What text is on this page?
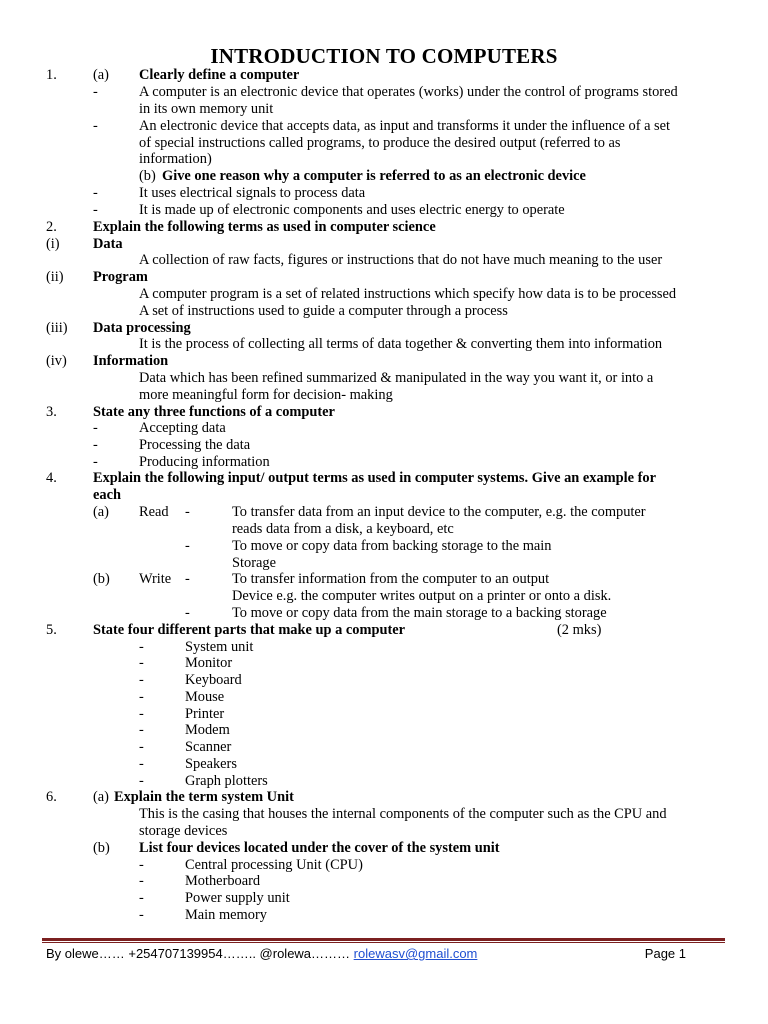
INTRODUCTION TO COMPUTERS
1.	(a) Clearly define a computer
-	A computer is an electronic device that operates (works) under the control of programs stored
in its own memory unit
-	An electronic device that accepts data, as input and transforms it under the influence of a set
of special instructions called programs, to produce the desired output (referred to as
information)
(b) Give one reason why a computer is referred to as an electronic device
-	It uses electrical signals to process data
-	It is made up of electronic components and uses electric energy to operate
2.	Explain the following terms as used in computer science
(i) Data
A collection of raw facts, figures or instructions that do not have much meaning to the user
(ii) Program
A computer program is a set of related instructions which specify how data is to be processed
A set of instructions used to guide a computer through a process
(iii) Data processing
It is the process of collecting all terms of data together & converting them into information
(iv) Information
Data which has been refined summarized & manipulated in the way you want it, or into a
more meaningful form for decision- making
3.	State any three functions of a computer
-	Accepting data
-	Processing the data
-	Producing information
4.	Explain the following input/ output terms as used in computer systems. Give an example for
each
(a) Read -	To transfer data from an input device to the computer, e.g. the computer
reads data from a disk, a keyboard, etc
-	To move or copy data from backing storage to the main
Storage
(b) Write -	To transfer information from the computer to an output
Device e.g. the computer writes output on a printer or onto a disk.
-	To move or copy data from the main storage to a backing storage
5.	State four different parts that make up a computer	(2 mks)
-	System unit
-	Monitor
-	Keyboard
-	Mouse
-	Printer
-	Modem
-	Scanner
-	Speakers
-	Graph plotters
6.	(a) Explain the term system Unit
This is the casing that houses the internal components of the computer such as the CPU and
storage devices
(b) List four devices located under the cover of the system unit
-	Central processing Unit (CPU)
-	Motherboard
-	Power supply unit
-	Main memory
By olewe…… +254707139954…….. @rolewa……… rolewasv@gmail.com	Page 1
